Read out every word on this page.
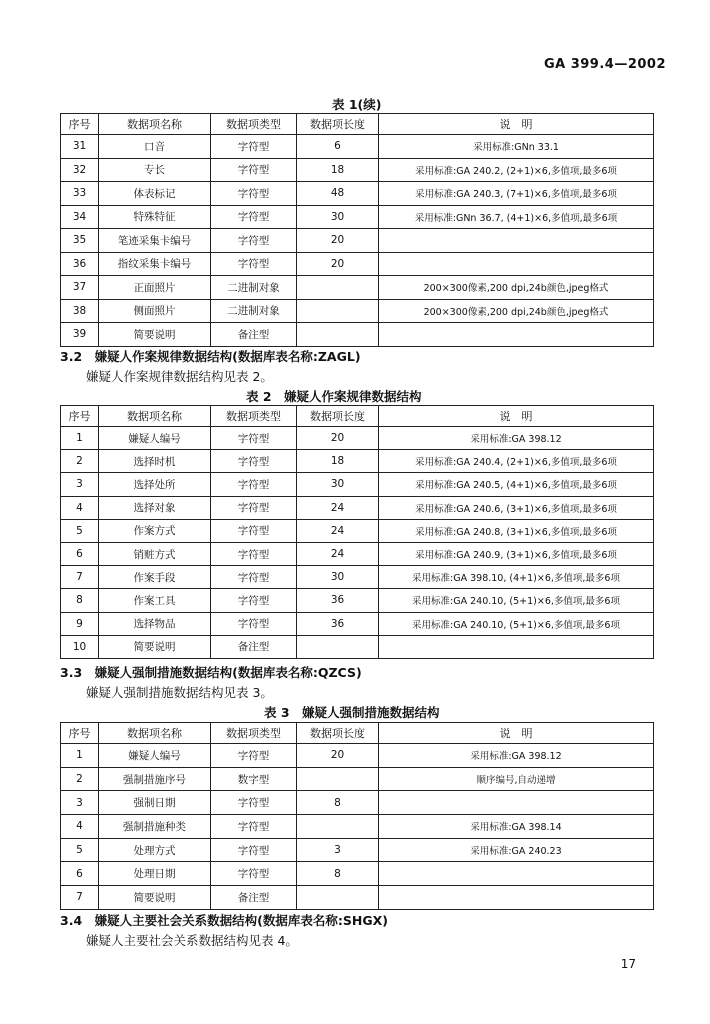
GA 399.4—2002
表 1(续)
序号	数据项名称	数据项类型	数据项长度	说　明
31	口音	字符型	6	采用标准:GNn 33.1
32	专长	字符型	18	采用标准:GA 240.2, (2+1)×6,多值项,最多6项
33	体表标记	字符型	48	采用标准:GA 240.3, (7+1)×6,多值项,最多6项
34	特殊特征	字符型	30	采用标准:GNn 36.7, (4+1)×6,多值项,最多6项
35	笔迹采集卡编号	字符型	20	
36	指纹采集卡编号	字符型	20	
37	正面照片	二进制对象		200×300像素,200 dpi,24b颜色,jpeg格式
38	侧面照片	二进制对象		200×300像素,200 dpi,24b颜色,jpeg格式
39	简要说明	备注型		
3.2　嫌疑人作案规律数据结构(数据库表名称:ZAGL)
嫌疑人作案规律数据结构见表 2。
表 2　嫌疑人作案规律数据结构
序号	数据项名称	数据项类型	数据项长度	说　明
1	嫌疑人编号	字符型	20	采用标准:GA 398.12
2	选择时机	字符型	18	采用标准:GA 240.4, (2+1)×6,多值项,最多6项
3	选择处所	字符型	30	采用标准:GA 240.5, (4+1)×6,多值项,最多6项
4	选择对象	字符型	24	采用标准:GA 240.6, (3+1)×6,多值项,最多6项
5	作案方式	字符型	24	采用标准:GA 240.8, (3+1)×6,多值项,最多6项
6	销赃方式	字符型	24	采用标准:GA 240.9, (3+1)×6,多值项,最多6项
7	作案手段	字符型	30	采用标准:GA 398.10, (4+1)×6,多值项,最多6项
8	作案工具	字符型	36	采用标准:GA 240.10, (5+1)×6,多值项,最多6项
9	选择物品	字符型	36	采用标准:GA 240.10, (5+1)×6,多值项,最多6项
10	简要说明	备注型		
3.3　嫌疑人强制措施数据结构(数据库表名称:QZCS)
嫌疑人强制措施数据结构见表 3。
表 3　嫌疑人强制措施数据结构
序号	数据项名称	数据项类型	数据项长度	说　明
1	嫌疑人编号	字符型	20	采用标准:GA 398.12
2	强制措施序号	数字型		顺序编号,自动递增
3	强制日期	字符型	8	
4	强制措施种类	字符型		采用标准:GA 398.14
5	处理方式	字符型	3	采用标准:GA 240.23
6	处理日期	字符型	8	
7	简要说明	备注型		
3.4　嫌疑人主要社会关系数据结构(数据库表名称:SHGX)
嫌疑人主要社会关系数据结构见表 4。
17
